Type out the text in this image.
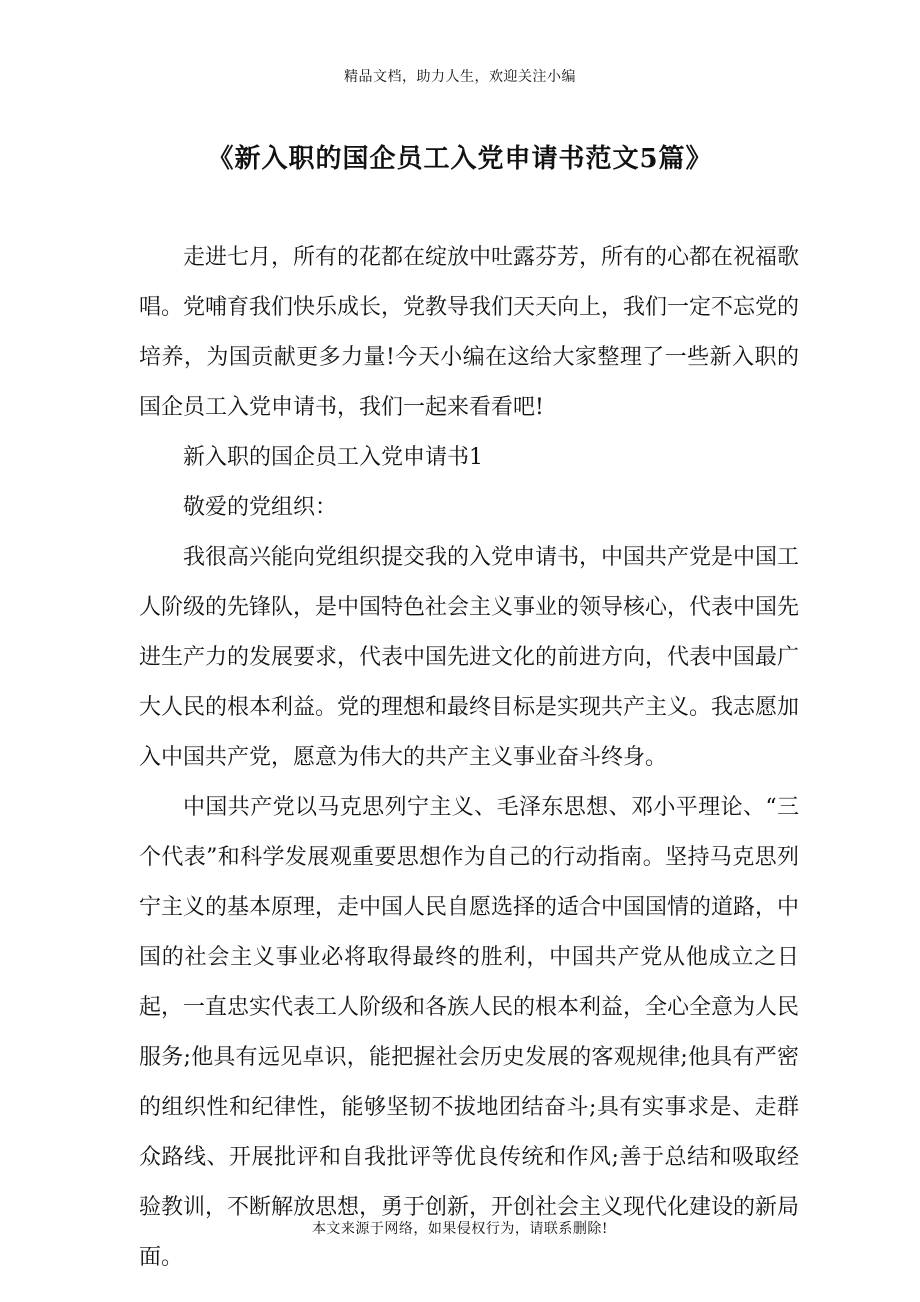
精品文档，助力人生，欢迎关注小编
《新入职的国企员工入党申请书范文5篇》

走进七月，所有的花都在绽放中吐露芬芳，所有的心都在祝福歌唱。党哺育我们快乐成长，党教导我们天天向上，我们一定不忘党的培养，为国贡献更多力量!今天小编在这给大家整理了一些新入职的国企员工入党申请书，我们一起来看看吧!

新入职的国企员工入党申请书1

敬爱的党组织：

我很高兴能向党组织提交我的入党申请书，中国共产党是中国工人阶级的先锋队，是中国特色社会主义事业的领导核心，代表中国先进生产力的发展要求，代表中国先进文化的前进方向，代表中国最广大人民的根本利益。党的理想和最终目标是实现共产主义。我志愿加入中国共产党，愿意为伟大的共产主义事业奋斗终身。

中国共产党以马克思列宁主义、毛泽东思想、邓小平理论、“三个代表”和科学发展观重要思想作为自己的行动指南。坚持马克思列宁主义的基本原理，走中国人民自愿选择的适合中国国情的道路，中国的社会主义事业必将取得最终的胜利，中国共产党从他成立之日起，一直忠实代表工人阶级和各族人民的根本利益，全心全意为人民服务;他具有远见卓识，能把握社会历史发展的客观规律;他具有严密的组织性和纪律性，能够坚韧不拔地团结奋斗;具有实事求是、走群众路线、开展批评和自我批评等优良传统和作风;善于总结和吸取经验教训，不断解放思想，勇于创新，开创社会主义现代化建设的新局面。

本文来源于网络，如果侵权行为，请联系删除!
